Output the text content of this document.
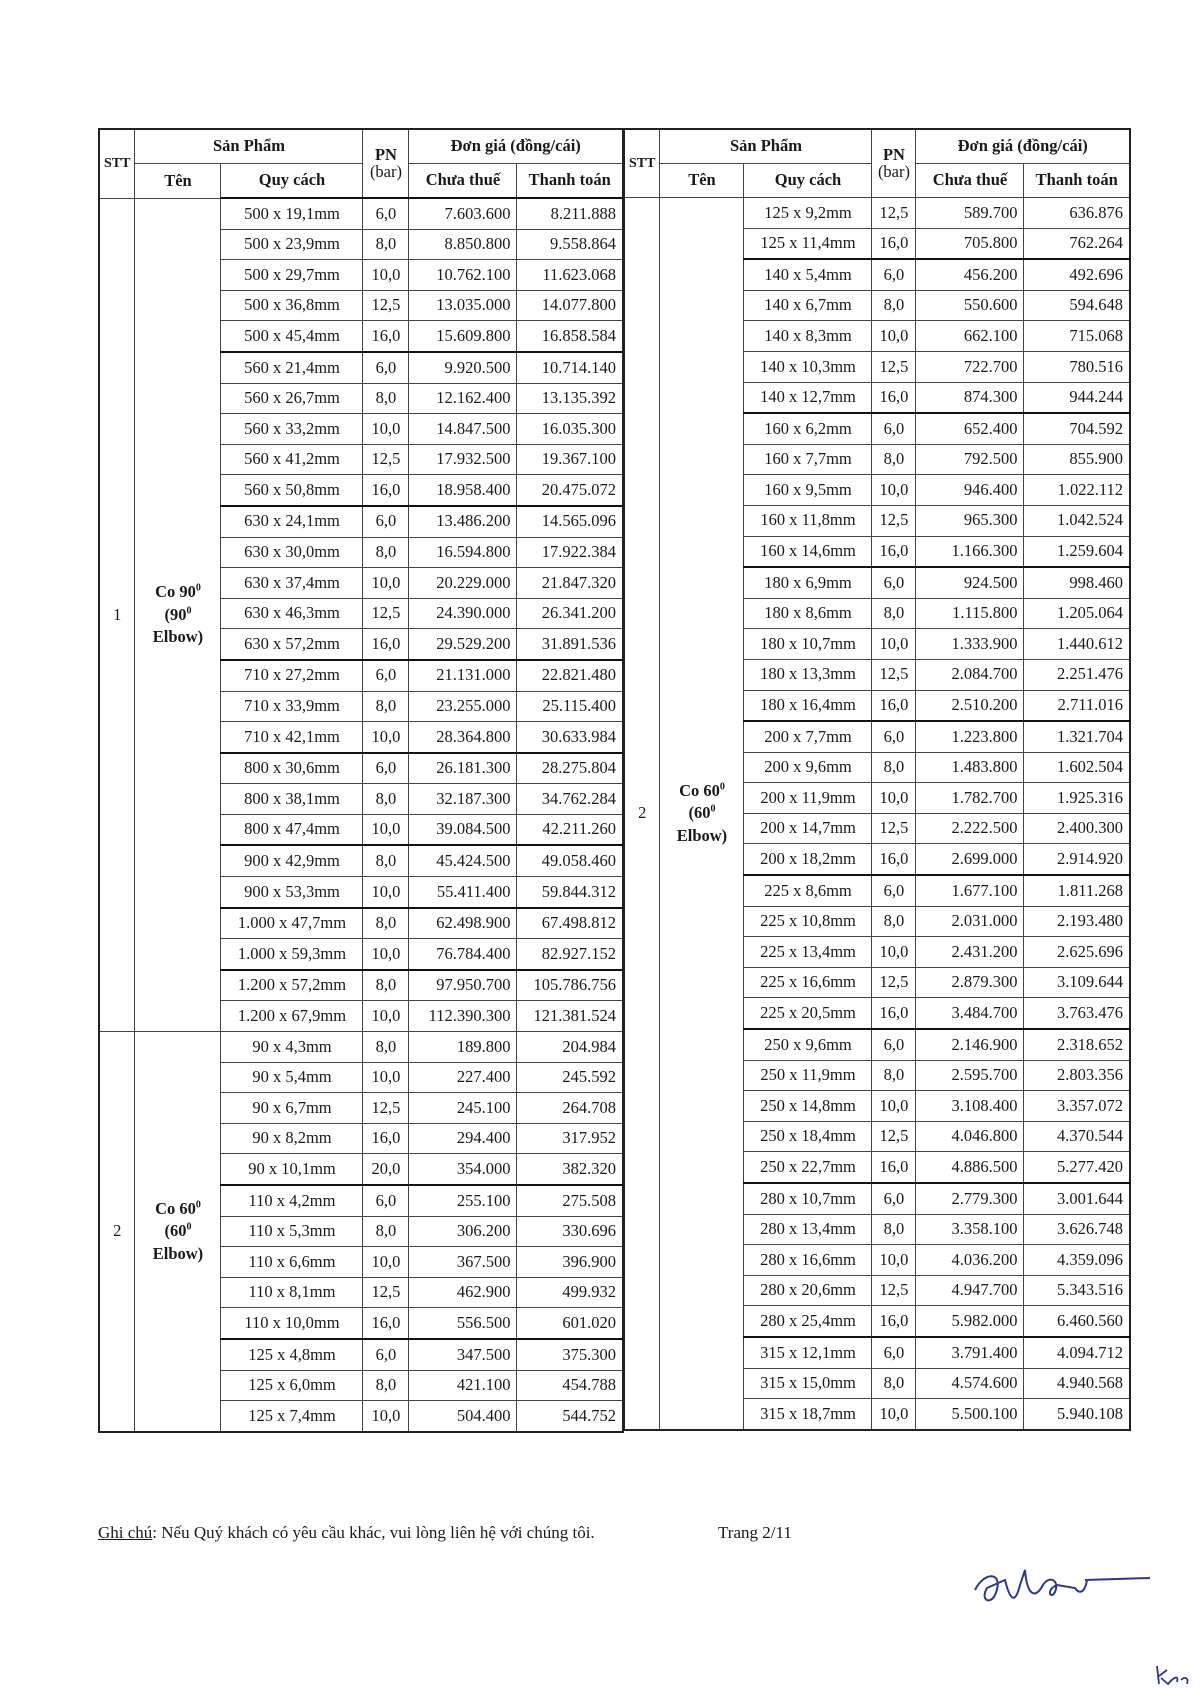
STT	Sản Phẩm		PN
(bar)	Đơn giá (đồng/cái)	
	Tên	Quy cách		Chưa thuế	Thanh toán
1	Co $90^0$
($90^0$
Elbow)	500 x 19,1mm	6,0	7.603.600	8.211.888
		500 x 23,9mm	8,0	8.850.800	9.558.864
		500 x 29,7mm	10,0	10.762.100	11.623.068
		500 x 36,8mm	12,5	13.035.000	14.077.800
		500 x 45,4mm	16,0	15.609.800	16.858.584
		560 x 21,4mm	6,0	9.920.500	10.714.140
		560 x 26,7mm	8,0	12.162.400	13.135.392
		560 x 33,2mm	10,0	14.847.500	16.035.300
		560 x 41,2mm	12,5	17.932.500	19.367.100
		560 x 50,8mm	16,0	18.958.400	20.475.072
		630 x 24,1mm	6,0	13.486.200	14.565.096
		630 x 30,0mm	8,0	16.594.800	17.922.384
		630 x 37,4mm	10,0	20.229.000	21.847.320
		630 x 46,3mm	12,5	24.390.000	26.341.200
		630 x 57,2mm	16,0	29.529.200	31.891.536
		710 x 27,2mm	6,0	21.131.000	22.821.480
		710 x 33,9mm	8,0	23.255.000	25.115.400
		710 x 42,1mm	10,0	28.364.800	30.633.984
		800 x 30,6mm	6,0	26.181.300	28.275.804
		800 x 38,1mm	8,0	32.187.300	34.762.284
		800 x 47,4mm	10,0	39.084.500	42.211.260
		900 x 42,9mm	8,0	45.424.500	49.058.460
		900 x 53,3mm	10,0	55.411.400	59.844.312
		1.000 x 47,7mm	8,0	62.498.900	67.498.812
		1.000 x 59,3mm	10,0	76.784.400	82.927.152
		1.200 x 57,2mm	8,0	97.950.700	105.786.756
		1.200 x 67,9mm	10,0	112.390.300	121.381.524
2	Co $60^0$
($60^0$
Elbow)	90 x 4,3mm	8,0	189.800	204.984
		90 x 5,4mm	10,0	227.400	245.592
		90 x 6,7mm	12,5	245.100	264.708
		90 x 8,2mm	16,0	294.400	317.952
		90 x 10,1mm	20,0	354.000	382.320
		110 x 4,2mm	6,0	255.100	275.508
		110 x 5,3mm	8,0	306.200	330.696
		110 x 6,6mm	10,0	367.500	396.900
		110 x 8,1mm	12,5	462.900	499.932
		110 x 10,0mm	16,0	556.500	601.020
		125 x 4,8mm	6,0	347.500	375.300
		125 x 6,0mm	8,0	421.100	454.788
		125 x 7,4mm	10,0	504.400	544.752
STT	Sản Phẩm		PN
(bar)	Đơn giá (đồng/cái)	
	Tên	Quy cách		Chưa thuế	Thanh toán
2	Co $60^0$
($60^0$
Elbow)	125 x 9,2mm	12,5	589.700	636.876
		125 x 11,4mm	16,0	705.800	762.264
		140 x 5,4mm	6,0	456.200	492.696
		140 x 6,7mm	8,0	550.600	594.648
		140 x 8,3mm	10,0	662.100	715.068
		140 x 10,3mm	12,5	722.700	780.516
		140 x 12,7mm	16,0	874.300	944.244
		160 x 6,2mm	6,0	652.400	704.592
		160 x 7,7mm	8,0	792.500	855.900
		160 x 9,5mm	10,0	946.400	1.022.112
		160 x 11,8mm	12,5	965.300	1.042.524
		160 x 14,6mm	16,0	1.166.300	1.259.604
		180 x 6,9mm	6,0	924.500	998.460
		180 x 8,6mm	8,0	1.115.800	1.205.064
		180 x 10,7mm	10,0	1.333.900	1.440.612
		180 x 13,3mm	12,5	2.084.700	2.251.476
		180 x 16,4mm	16,0	2.510.200	2.711.016
		200 x 7,7mm	6,0	1.223.800	1.321.704
		200 x 9,6mm	8,0	1.483.800	1.602.504
		200 x 11,9mm	10,0	1.782.700	1.925.316
		200 x 14,7mm	12,5	2.222.500	2.400.300
		200 x 18,2mm	16,0	2.699.000	2.914.920
		225 x 8,6mm	6,0	1.677.100	1.811.268
		225 x 10,8mm	8,0	2.031.000	2.193.480
		225 x 13,4mm	10,0	2.431.200	2.625.696
		225 x 16,6mm	12,5	2.879.300	3.109.644
		225 x 20,5mm	16,0	3.484.700	3.763.476
		250 x 9,6mm	6,0	2.146.900	2.318.652
		250 x 11,9mm	8,0	2.595.700	2.803.356
		250 x 14,8mm	10,0	3.108.400	3.357.072
		250 x 18,4mm	12,5	4.046.800	4.370.544
		250 x 22,7mm	16,0	4.886.500	5.277.420
		280 x 10,7mm	6,0	2.779.300	3.001.644
		280 x 13,4mm	8,0	3.358.100	3.626.748
		280 x 16,6mm	10,0	4.036.200	4.359.096
		280 x 20,6mm	12,5	4.947.700	5.343.516
		280 x 25,4mm	16,0	5.982.000	6.460.560
		315 x 12,1mm	6,0	3.791.400	4.094.712
		315 x 15,0mm	8,0	4.574.600	4.940.568
		315 x 18,7mm	10,0	5.500.100	5.940.108
Ghi chú: Nếu Quý khách có yêu cầu khác, vui lòng liên hệ với chúng tôi.	Trang 2/11
